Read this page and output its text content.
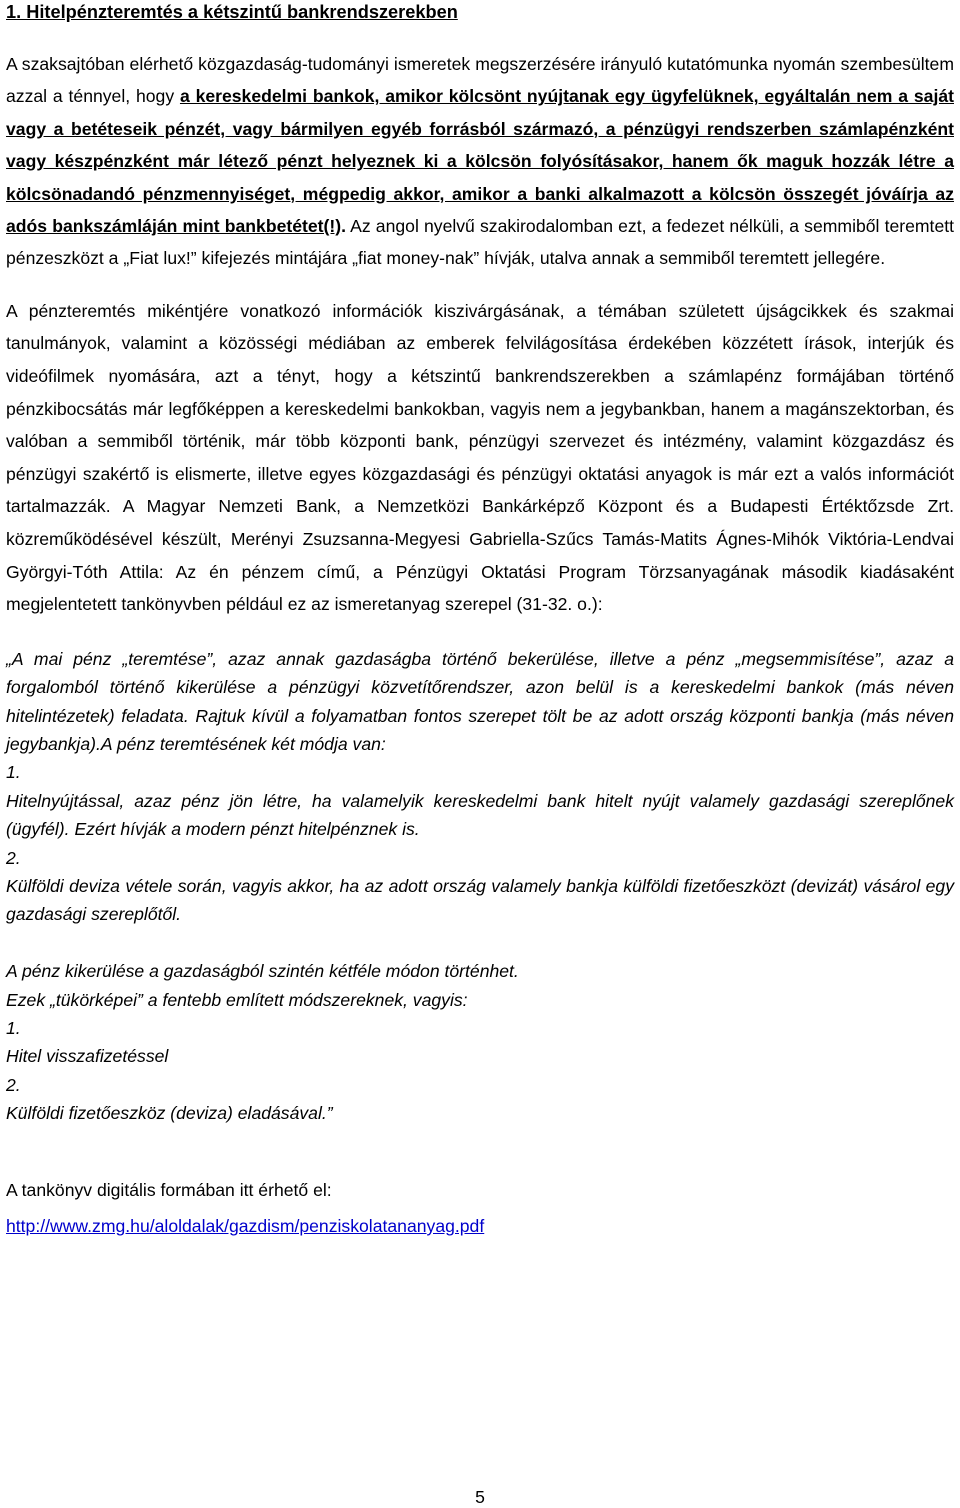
1. Hitelpénzteremtés a kétszintű bankrendszerekben

A szaksajtóban elérhető közgazdaság-tudományi ismeretek megszerzésére irányuló kutatómunka nyomán szembesültem azzal a ténnyel, hogy a kereskedelmi bankok, amikor kölcsönt nyújtanak egy ügyfelüknek, egyáltalán nem a saját vagy a betéteseik pénzét, vagy bármilyen egyéb forrásból származó, a pénzügyi rendszerben számlapénzként vagy készpénzként már létező pénzt helyeznek ki a kölcsön folyósításakor, hanem ők maguk hozzák létre a kölcsönadandó pénzmennyiséget, mégpedig akkor, amikor a banki alkalmazott a kölcsön összegét jóváírja az adós bankszámláján mint bankbetétet(!). Az angol nyelvű szakirodalomban ezt, a fedezet nélküli, a semmiből teremtett pénzeszközt a „Fiat lux!” kifejezés mintájára „fiat money-nak” hívják, utalva annak a semmiből teremtett jellegére.

A pénzteremtés mikéntjére vonatkozó információk kiszivárgásának, a témában született újságcikkek és szakmai tanulmányok, valamint a közösségi médiában az emberek felvilágosítása érdekében közzétett írások, interjúk és videófilmek nyomására, azt a tényt, hogy a kétszintű bankrendszerekben a számlapénz formájában történő pénzkibocsátás már legfőképpen a kereskedelmi bankokban, vagyis nem a jegybankban, hanem a magánszektorban, és valóban a semmiből történik, már több központi bank, pénzügyi szervezet és intézmény, valamint közgazdász és pénzügyi szakértő is elismerte, illetve egyes közgazdasági és pénzügyi oktatási anyagok is már ezt a valós információt tartalmazzák. A Magyar Nemzeti Bank, a Nemzetközi Bankárképző Központ és a Budapesti Értéktőzsde Zrt. közreműködésével készült, Merényi Zsuzsanna-Megyesi Gabriella-Szűcs Tamás-Matits Ágnes-Mihók Viktória-Lendvai Györgyi-Tóth Attila: Az én pénzem című, a Pénzügyi Oktatási Program Törzsanyagának második kiadásaként megjelentetett tankönyvben például ez az ismeretanyag szerepel (31-32. o.):

„A mai pénz „teremtése”, azaz annak gazdaságba történő bekerülése, illetve a pénz „megsemmisítése”, azaz a forgalomból történő kikerülése a pénzügyi közvetítőrendszer, azon belül is a kereskedelmi bankok (más néven hitelintézetek) feladata. Rajtuk kívül a folyamatban fontos szerepet tölt be az adott ország központi bankja (más néven jegybankja).A pénz teremtésének két módja van:

1.

Hitelnyújtással, azaz pénz jön létre, ha valamelyik kereskedelmi bank hitelt nyújt valamely gazdasági szereplőnek (ügyfél). Ezért hívják a modern pénzt hitelpénznek is.

2.

Külföldi deviza vétele során, vagyis akkor, ha az adott ország valamely bankja külföldi fizetőeszközt (devizát) vásárol egy gazdasági szereplőtől.

A pénz kikerülése a gazdaságból szintén kétféle módon történhet.

Ezek „tükörképei” a fentebb említett módszereknek, vagyis:

1.

Hitel visszafizetéssel

2.

Külföldi fizetőeszköz (deviza) eladásával.”

A tankönyv digitális formában itt érhető el:

http://www.zmg.hu/aloldalak/gazdism/penziskolatananyag.pdf

5
